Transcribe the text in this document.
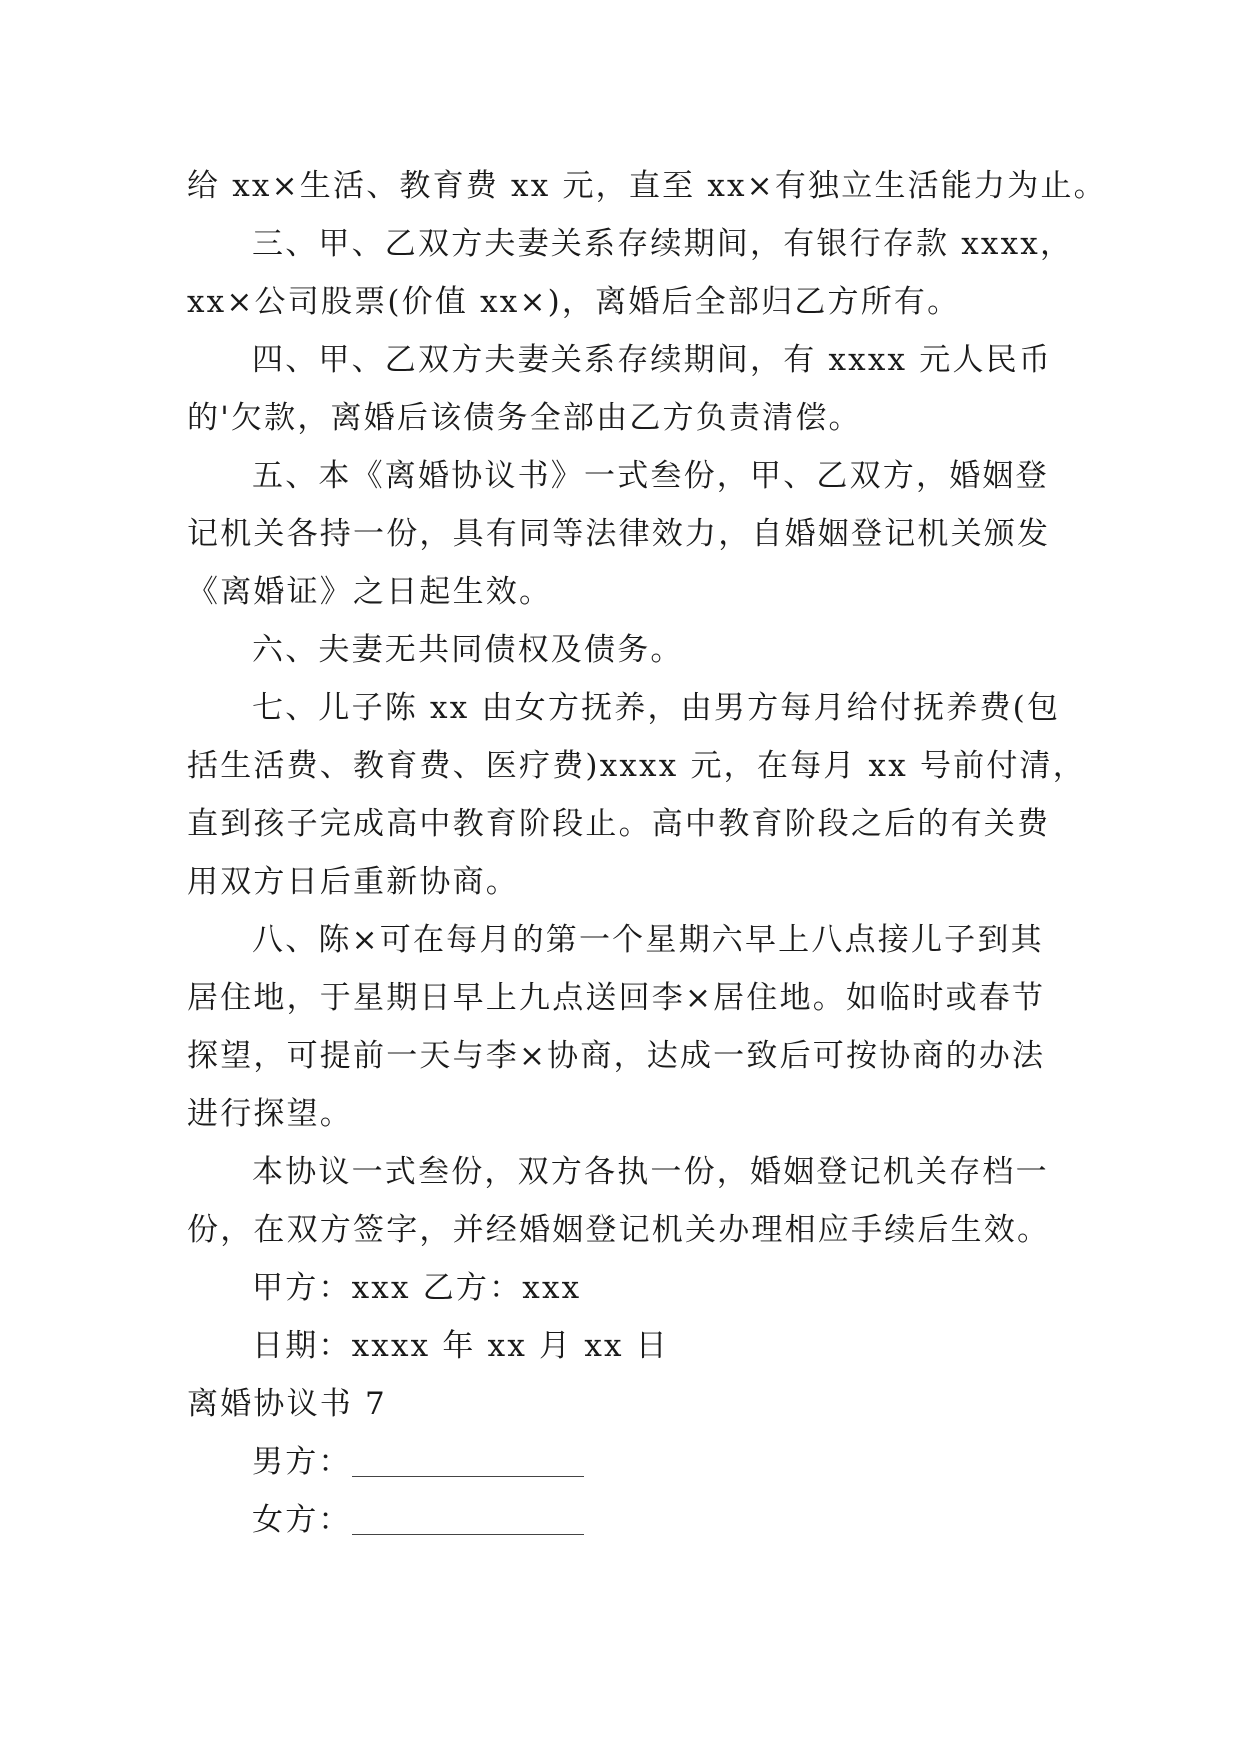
给 xx×生活、教育费 xx 元，直至 xx×有独立生活能力为止。
三、甲、乙双方夫妻关系存续期间，有银行存款 xxxx，
xx×公司股票(价值 xx×)，离婚后全部归乙方所有。
四、甲、乙双方夫妻关系存续期间，有 xxxx 元人民币
的'欠款，离婚后该债务全部由乙方负责清偿。
五、本《离婚协议书》一式叁份，甲、乙双方，婚姻登
记机关各持一份，具有同等法律效力，自婚姻登记机关颁发
《离婚证》之日起生效。
六、夫妻无共同债权及债务。
七、儿子陈 xx 由女方抚养，由男方每月给付抚养费(包
括生活费、教育费、医疗费)xxxx 元，在每月 xx 号前付清，
直到孩子完成高中教育阶段止。高中教育阶段之后的有关费
用双方日后重新协商。
八、陈×可在每月的第一个星期六早上八点接儿子到其
居住地，于星期日早上九点送回李×居住地。如临时或春节
探望，可提前一天与李×协商，达成一致后可按协商的办法
进行探望。
本协议一式叁份，双方各执一份，婚姻登记机关存档一
份，在双方签字，并经婚姻登记机关办理相应手续后生效。
甲方：xxx 乙方：xxx
日期：xxxx 年 xx 月 xx 日
离婚协议书 7
男方：
女方：
